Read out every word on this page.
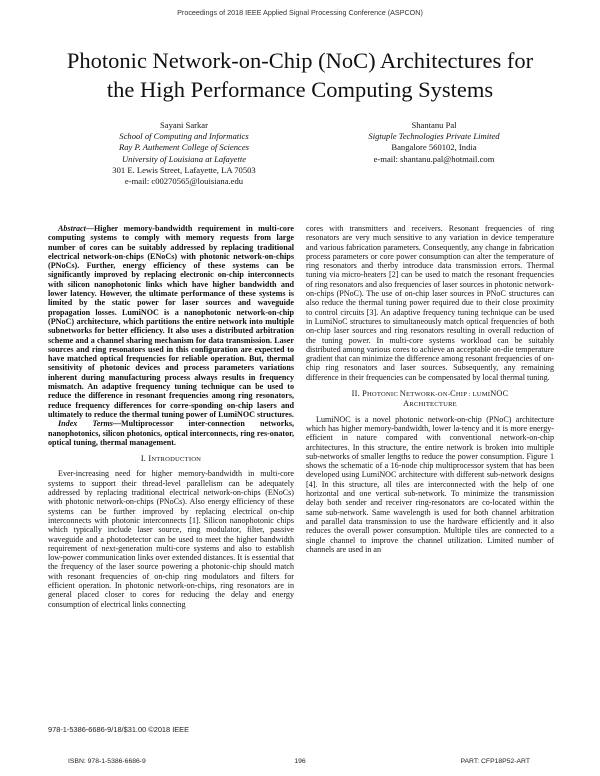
Proceedings of 2018 IEEE Applied Signal Processing Conference (ASPCON)
Photonic Network-on-Chip (NoC) Architectures for
the High Performance Computing Systems
Sayani Sarkar
School of Computing and Informatics
Ray P. Authement College of Sciences
University of Louisiana at Lafayette
301 E. Lewis Street, Lafayette, LA 70503
e-mail: c00270565@louisiana.edu
Shantanu Pal
Sigtuple Technologies Private Limited
Bangalore 560102, India
e-mail: shantanu.pal@hotmail.com

Abstract—Higher memory-bandwidth requirement in multi-core computing systems to comply with memory requests from large number of cores can be suitably addressed by replacing traditional electrical network-on-chips (ENoCs) with photonic network-on-chips (PNoCs). Further, energy efficiency of these systems can be significantly improved by replacing electronic on-chip interconnects with silicon nanophotonic links which have higher bandwidth and lower latency. However, the ultimate performance of these systems is limited by the static power for laser sources and waveguide propagation losses. LumiNOC is a nanophotonic network-on-chip (PNoC) architecture, which partitions the entire network into multiple subnetworks for better efficiency. It also uses a distributed arbitration scheme and a channel sharing mechanism for data transmission. Laser sources and ring resonators used in this configuration are expected to have matched optical frequencies for reliable operation. But, thermal sensitivity of photonic devices and process parameters variations inherent during manufacturing process always results in frequency mismatch. An adaptive frequency tuning technique can be used to reduce the difference in resonant frequencies among ring resonators, reduce frequency differences for corre-sponding on-chip lasers and ultimately to reduce the thermal tuning power of LumiNOC structures.

Index Terms—Multiprocessor inter-connection networks, nanophotonics, silicon photonics, optical interconnects, ring res-onator, optical tuning, thermal management.

I. INTRODUCTION

Ever-increasing need for higher memory-bandwidth in multi-core systems to support their thread-level parallelism can be adequately addressed by replacing traditional electrical network-on-chips (ENoCs) with photonic network-on-chips (PNoCs). Also energy efficiency of these systems can be further improved by replacing electrical on-chip interconnects with photonic interconnects [1]. Silicon nanophotonic chips which typically include laser source, ring modulator, filter, passive waveguide and a photodetector can be used to meet the higher bandwidth requirement of next-generation multi-core systems and also to establish low-power communication links over extended distances. It is essential that the frequency of the laser source powering a photonic-chip should match with resonant frequencies of on-chip ring modulators and filters for efficient operation. In photonic network-on-chips, ring resonators are in general placed closer to cores for reducing the delay and energy consumption of electrical links connecting

cores with transmitters and receivers. Resonant frequencies of ring resonators are very much sensitive to any variation in device temperature and various fabrication parameters. Consequently, any change in fabrication process parameters or core power consumption can alter the temperature of ring resonators and therby introduce data transmission errors. Thermal tuning via micro-heaters [2] can be used to match the resonant frequencies of ring resonators and also frequencies of laser sources in photonic network-on-chips (PNoC). The use of on-chip laser sources in PNoC structures can also reduce the thermal tuning power required due to their close proximity to control circuits [3]. An adaptive frequency tuning technique can be used in LumiNoC structures to simultaneously match optical frequencies of both on-chip laser sources and ring resonators resulting in overall reduction of the tuning power. In multi-core systems workload can be suitably distributed among various cores to achieve an acceptable on-die temperature gradient that can minimize the difference among resonant frequencies of on-chip ring resonators and laser sources. Subsequently, any remaining difference in their frequencies can be compensated by local thermal tuning.

II. PHOTONIC NETWORK-ON-CHIP : LUMINOC
ARCHITECTURE

LumiNOC is a novel photonic network-on-chip (PNoC) architecture which has higher memory-bandwidth, lower la-tency and it is more energy-efficient in nature compared with conventional network-on-chip architectures. In this structure, the entire network is broken into multiple sub-networks of smaller lengths to reduce the power consumption. Figure 1 shows the schematic of a 16-node chip multiprocessor system that has been developed using LumiNOC architecture with different sub-network designs [4]. In this structure, all tiles are interconnected with the help of one horizontal and one vertical sub-network. To minimize the transmission delay both sender and receiver ring-resonators are co-located within the same sub-network. Same wavelength is used for both channel arbitration and parallel data transmission to use the hardware efficiently and it also reduces the overall power consumption. Multiple tiles are connected to a single channel to improve the channel utilization. Limited number of channels are used in an

978-1-5386-6686-9/18/$31.00 ©2018 IEEE
ISBN: 978-1-5386-6686-9	196	PART: CFP18P52-ART
